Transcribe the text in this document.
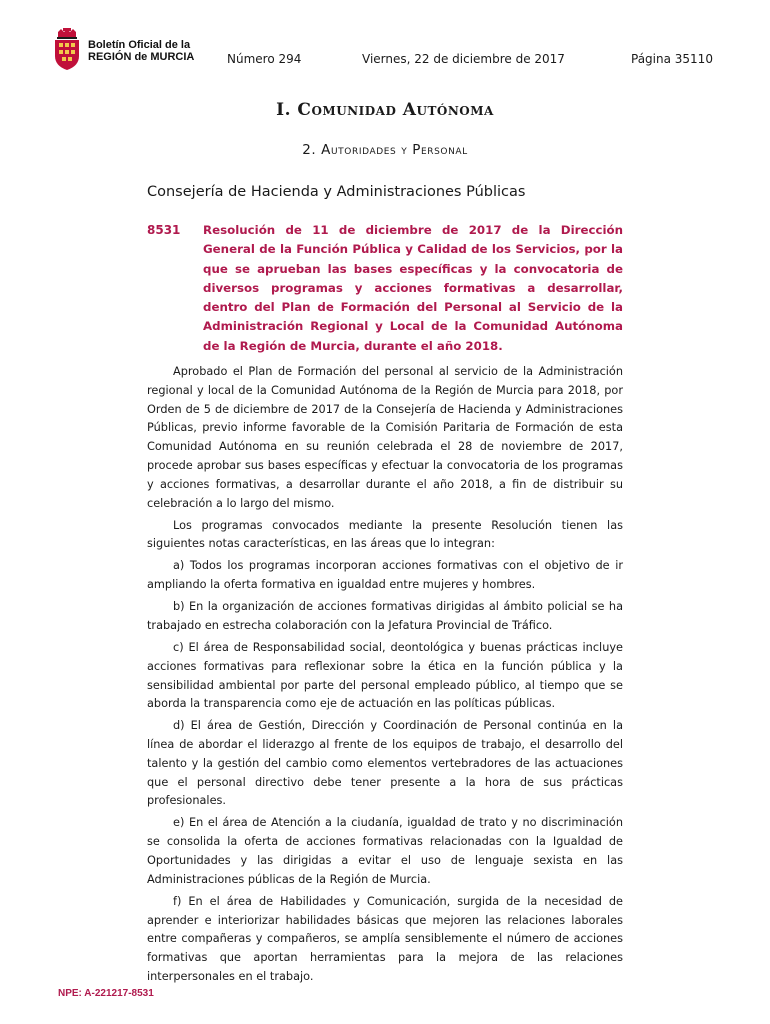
Boletín Oficial de la
REGIÓN de MURCIA	Número 294	Viernes, 22 de diciembre de 2017	Página 35110
I. Comunidad Autónoma
2. Autoridades y Personal
Consejería de Hacienda y Administraciones Públicas
8531 Resolución de 11 de diciembre de 2017 de la Dirección General de la Función Pública y Calidad de los Servicios, por la que se aprueban las bases específicas y la convocatoria de diversos programas y acciones formativas a desarrollar, dentro del Plan de Formación del Personal al Servicio de la Administración Regional y Local de la Comunidad Autónoma de la Región de Murcia, durante el año 2018.

Aprobado el Plan de Formación del personal al servicio de la Administración regional y local de la Comunidad Autónoma de la Región de Murcia para 2018, por Orden de 5 de diciembre de 2017 de la Consejería de Hacienda y Administraciones Públicas, previo informe favorable de la Comisión Paritaria de Formación de esta Comunidad Autónoma en su reunión celebrada el 28 de noviembre de 2017, procede aprobar sus bases específicas y efectuar la convocatoria de los programas y acciones formativas, a desarrollar durante el año 2018, a fin de distribuir su celebración a lo largo del mismo.

Los programas convocados mediante la presente Resolución tienen las siguientes notas características, en las áreas que lo integran:

a) Todos los programas incorporan acciones formativas con el objetivo de ir ampliando la oferta formativa en igualdad entre mujeres y hombres.

b) En la organización de acciones formativas dirigidas al ámbito policial se ha trabajado en estrecha colaboración con la Jefatura Provincial de Tráfico.

c) El área de Responsabilidad social, deontológica y buenas prácticas incluye acciones formativas para reflexionar sobre la ética en la función pública y la sensibilidad ambiental por parte del personal empleado público, al tiempo que se aborda la transparencia como eje de actuación en las políticas públicas.

d) El área de Gestión, Dirección y Coordinación de Personal continúa en la línea de abordar el liderazgo al frente de los equipos de trabajo, el desarrollo del talento y la gestión del cambio como elementos vertebradores de las actuaciones que el personal directivo debe tener presente a la hora de sus prácticas profesionales.

e) En el área de Atención a la ciudanía, igualdad de trato y no discriminación se consolida la oferta de acciones formativas relacionadas con la Igualdad de Oportunidades y las dirigidas a evitar el uso de lenguaje sexista en las Administraciones públicas de la Región de Murcia.

f) En el área de Habilidades y Comunicación, surgida de la necesidad de aprender e interiorizar habilidades básicas que mejoren las relaciones laborales entre compañeras y compañeros, se amplía sensiblemente el número de acciones formativas que aportan herramientas para la mejora de las relaciones interpersonales en el trabajo.

NPE: A-221217-8531
